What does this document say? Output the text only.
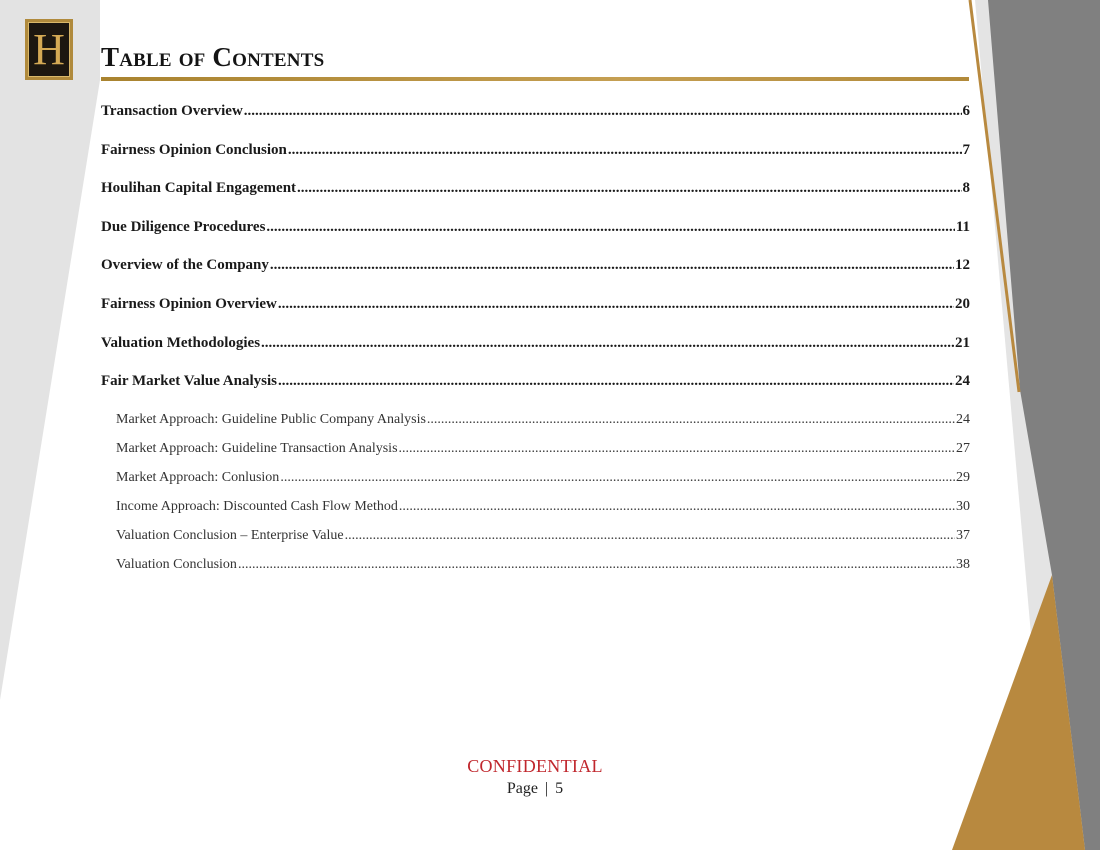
H Table of Contents
Transaction Overview .....	6
Fairness Opinion Conclusion .....	7
Houlihan Capital Engagement .....	8
Due Diligence Procedures .....	11
Overview of the Company .....	12
Fairness Opinion Overview .....	20
Valuation Methodologies .....	21
Fair Market Value Analysis .....	24
Market Approach: Guideline Public Company Analysis .....	24
Market Approach: Guideline Transaction Analysis .....	27
Market Approach: Conlusion .....	29
Income Approach: Discounted Cash Flow Method .....	30
Valuation Conclusion – Enterprise Value .....	37
Valuation Conclusion .....	38
CONFIDENTIAL
Page | 5
